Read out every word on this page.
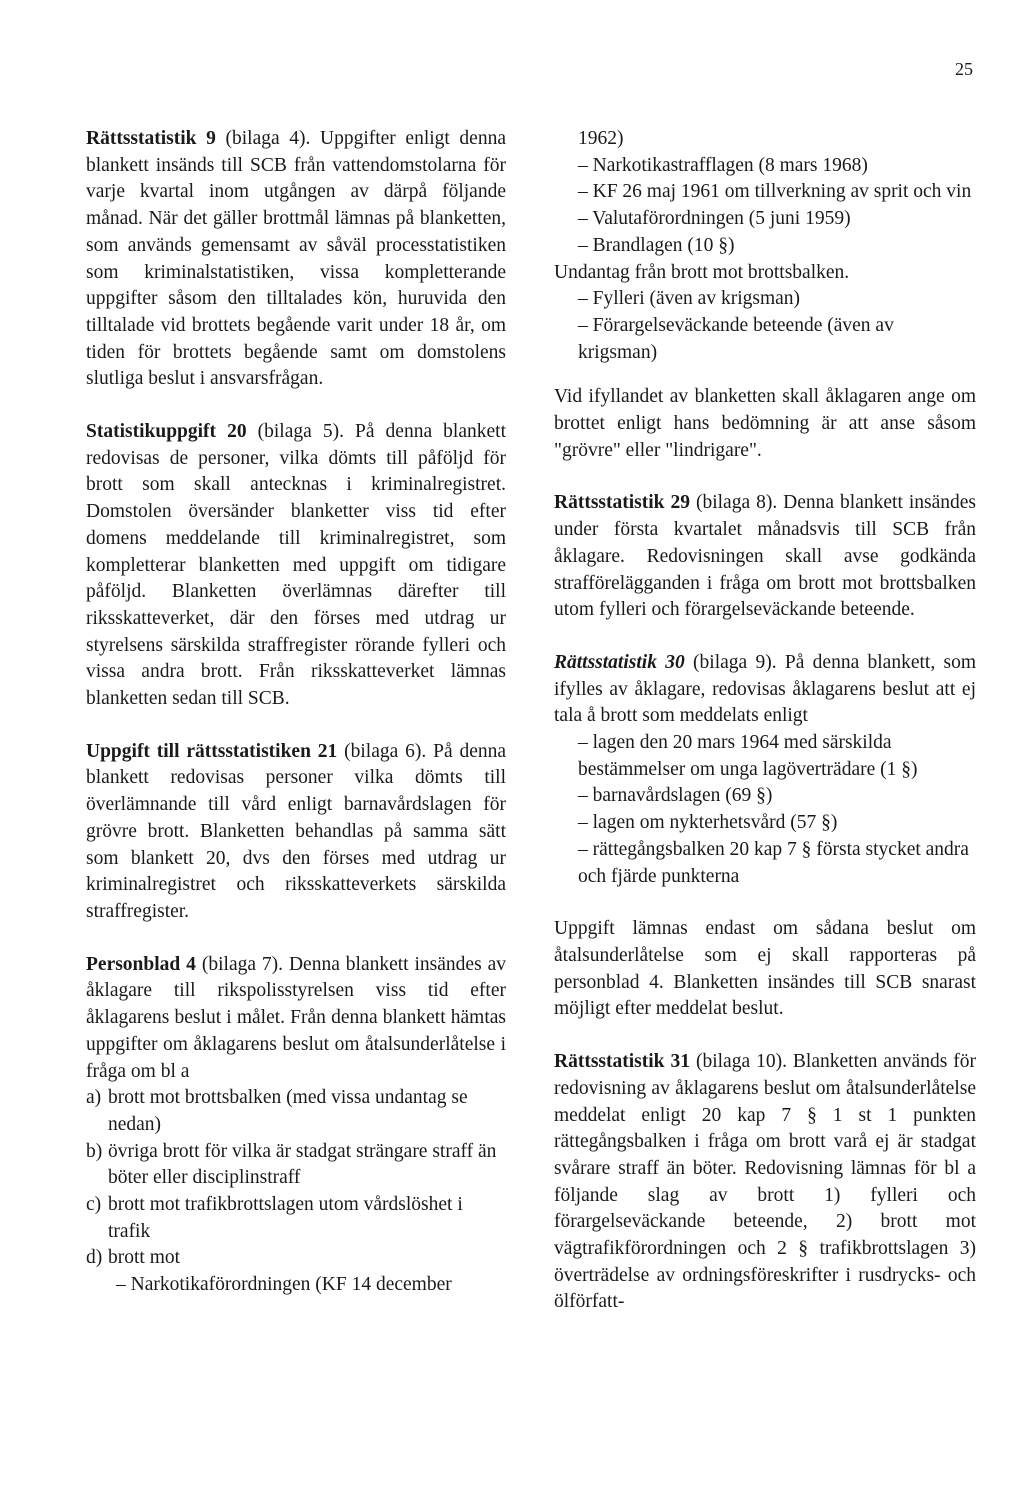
25

Rättsstatistik 9 (bilaga 4). Uppgifter enligt denna blankett insänds till SCB från vattendomstolarna för varje kvartal inom utgången av därpå följande månad. När det gäller brottmål lämnas på blanketten, som används gemensamt av såväl processtatistiken som kriminalstatistiken, vissa kompletterande uppgifter såsom den tilltalades kön, huruvida den tilltalade vid brottets begående varit under 18 år, om tiden för brottets begående samt om domstolens slutliga beslut i ansvarsfrågan.

Statistikuppgift 20 (bilaga 5). På denna blankett redovisas de personer, vilka dömts till påföljd för brott som skall antecknas i kriminalregistret. Domstolen översänder blanketter viss tid efter domens meddelande till kriminalregistret, som kompletterar blanketten med uppgift om tidigare påföljd. Blanketten överlämnas därefter till riksskatteverket, där den förses med utdrag ur styrelsens särskilda straffregister rörande fylleri och vissa andra brott. Från riksskatteverket lämnas blanketten sedan till SCB.

Uppgift till rättsstatistiken 21 (bilaga 6). På denna blankett redovisas personer vilka dömts till överlämnande till vård enligt barnavårdslagen för grövre brott. Blanketten behandlas på samma sätt som blankett 20, dvs den förses med utdrag ur kriminalregistret och riksskatteverkets särskilda straffregister.

Personblad 4 (bilaga 7). Denna blankett insändes av åklagare till rikspolisstyrelsen viss tid efter åklagarens beslut i målet. Från denna blankett hämtas uppgifter om åklagarens beslut om åtalsunderlåtelse i fråga om bl a

a) brott mot brottsbalken (med vissa undantag se nedan)
b) övriga brott för vilka är stadgat strängare straff än böter eller disciplinstraff
c) brott mot trafikbrottslagen utom vårdslöshet i trafik
d) brott mot
– Narkotikaförordningen (KF 14 december
1962)
– Narkotikastrafflagen (8 mars 1968)
– KF 26 maj 1961 om tillverkning av sprit och vin
– Valutaförordningen (5 juni 1959)
– Brandlagen (10 §)
Undantag från brott mot brottsbalken.
– Fylleri (även av krigsman)
– Förargelseväckande beteende (även av krigsman)

Vid ifyllandet av blanketten skall åklagaren ange om brottet enligt hans bedömning är att anse såsom "grövre" eller "lindrigare".

Rättsstatistik 29 (bilaga 8). Denna blankett insändes under första kvartalet månadsvis till SCB från åklagare. Redovisningen skall avse godkända strafförelägganden i fråga om brott mot brottsbalken utom fylleri och förargelseväckande beteende.

Rättsstatistik 30 (bilaga 9). På denna blankett, som ifylles av åklagare, redovisas åklagarens beslut att ej tala å brott som meddelats enligt

– lagen den 20 mars 1964 med särskilda bestämmelser om unga lagöverträdare (1 §)
– barnavårdslagen (69 §)
– lagen om nykterhetsvård (57 §)
– rättegångsbalken 20 kap 7 § första stycket andra och fjärde punkterna

Uppgift lämnas endast om sådana beslut om åtalsunderlåtelse som ej skall rapporteras på personblad 4. Blanketten insändes till SCB snarast möjligt efter meddelat beslut.

Rättsstatistik 31 (bilaga 10). Blanketten används för redovisning av åklagarens beslut om åtalsunderlåtelse meddelat enligt 20 kap 7 § 1 st 1 punkten rättegångsbalken i fråga om brott varå ej är stadgat svårare straff än böter. Redovisning lämnas för bl a följande slag av brott 1) fylleri och förargelseväckande beteende, 2) brott mot vägtrafikförordningen och 2 § trafikbrottslagen 3) överträdelse av ordningsföreskrifter i rusdrycks- och ölförfatt-
